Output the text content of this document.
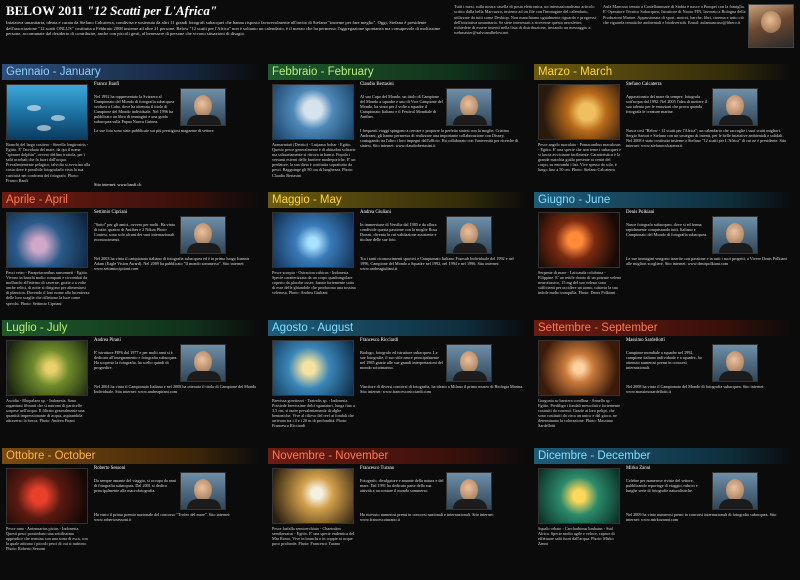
BELOW 2011 "12 Scatti per L'Africa"

Iniziativa umanitaria, ideata e curata da Stefano Calcaterra, condivisa e sostenuta da altri 11 grandi fotografi subacquei che hanno risposto favorevolmente all'invito di Stefano "insieme per fare meglio". Oggi, Stefano è presidente dell'associazione "12 scatti ONLUS" costituita a Febbraio 2008 insieme ad altre 21 persone. Below "12 scatti per l'Africa" non è soltanto un calendario, è il mezzo che ha permesso l'aggregazione spontanea ma consapevole di moltissime persone, accomunate dal desiderio di contribuire, anche con piccoli gesti, al benessere di persone che vivono situazioni di disagio.

Tutti i mesi, sulla nostra casella di posta elettronica, un internazionalismo articolo scritto dalla bella Marcuzzo, insieme ad un file con l'immagine del calendario, utilizzate da tutti come Desktop. Non manchiamo ugualmente riguardo e progressi dell'iniziativa umanitaria. Se siete interessati a riceverne questa newsletter, richiedete di essere inseriti nella lista di distribuzione, inviando un messaggio a: webmaster@salvoandbelow.net

Aula Mancuso tenuto a Castellammare di Stabia è nasce a Pompei con la famiglia. E' Operatore Tecnico Subacqueo, Istruttore di Nuoto FIN, lavorato a Bologna della Produzioni Marine. Appassionata di sport, motori, barche, libri, cinema e tutto ciò che riguarda tematiche ambientali e biodiversità. Email: aulamancuso@libero.it

Gennaio - January

Branchi del largo costiero - Sterella longirostris - Egitto. E' l'acrobata del mare, da qui il nome "spinner dolphin", ovvero delfino trottola, per i salti acrobati che fa fuori dall'acqua. Prevalentemente pelagico, talvolta si avvicina alla costa dove è possibile fotografarlo vista la sua curiosità nei confronti del fotografo. Photo: Franco Banfi

Franco Banfi

Nel 1992 ha rappresentato la Svizzera al Campionato del Mondo di fotografia subacquea svoltosi a Cuba, dove ha ottenuto il titolo di Campione del Mondo individuale. Nel 1996 ha pubblicato un libro di immagini e una guida subacquea sulla Papua Nuova Guinea.

Le sue foto sono state pubblicate sui più prestigiosi magazine di settore.

Sito internet: www.banfi.ch
Febbraio - February

Aranarmiati (Detrito) - Lutjanus bohar - Egitto. Questo pesce generalmente è di abitudini solitarie ma saltuariamente si ritrova in banco. Popola i versanti esterni delle barriere madreporiche. E' un predatore, la sua dieta è costituita soprattutto da pesci. Ragguinge gli 80 cm di lunghezza. Photo: Claudio Bertasini

Claudio Bertasini

Al suo Capo del Mondo, un titolo di Campione del Mondo a squadre e uno di Vice Campione del Mondo, ha vinto per 2 volte a squadre il Campionato Italiano e il Festival Mondiale di Antibes.

I frequenti viaggi spingono a cercare e proporre la perfetta sintesi con la moglie, Cristina Andreani, gli hanno permesso di realizzare una importante collaborazione con Disney, coniugando tra l'altro i loro impegni dall'ufficio. Ha collaborato con l'università per ricerche di sintesi. Sito internet: www.claudiobertasini.it

Marzo - March

Pesce angelo maculato - Pomacanthus maculosus - Egitto. E' una specie che non teme i subacquei e si lascia avvicinare facilmente. Caratteristica è la grande macchia gialla presente ai centri del corpo, su entrambi i lati. Vive spesso da solo, è lungo fino a 50 cm. Photo: Stefano Calcaterra

Stefano Calcaterra

Appassionato del mare da sempre, fotografa sott'acqua dal 1992. Nel 2005 l'idea di mettere il suo talento per le emozioni che prova quando fotografa le creature marine.

Nasce così "Below - 12 scatti per l'Africa"; un calendario che raccoglie i suoi scatti migliori. Sergio Sartori e Stefano con un sostegno di intenti, per le belle iniziative ambientali e solidali. Nel 2008 è stato costituito insieme a Stefano "12 scatti per L'Africa" di cui ne è presidente. Sito internet: www.stefanocalcaterra.it

Aprile - April

Pesci vetro - Parapriacanthus ransonneti - Egitto. Vivono in banchi molto compatti e circondati da molluschi all'interno di caverne, grotte o a volte anche relitti, di notte si dirigono per alimentarsi di plancton. Dovendo il loro nome alla lucentezza delle loro scaglie che riflettono la luce come specchi. Photo: Settimio Cipriani

Settimio Cipriani

"Sotto" per gli amici, ovvero per molti. Ha vinto di tutto: quattro di Antibes e 2 Nikon Photo Contest, sono solo alcuni dei suoi internazionali riconoscimenti.

Nel 2003 ha vinto il campionato italiano di fotografia subacquea ed è in primo luogo Ioannis Adam (Eagle Vision Award). Nel 2009 ha pubblicato "Il mondo sommerso". Sito internet: www.settimiocipriani.com

Maggio - May

Pesce scorpio - Ostracion cubicus - Indonesia. Specie caratterizzata da un corpo quadrangolare coperto da placche ossee, hanno fortemente sotto di esse delle ghiandole che producono una tossina velenosa. Photo: Andrea Giuliani

Andrea Giuliani

In immersione di Versilia dal 1985 e da allora condivide questa passione con la moglie Rosa Donati, diventa la cui validazione assistente e titolare delle sue foto.

Tra i tanti riconoscimenti sportivi e Campionato Italiano Fotosub Individuale del 1992 e nel 1996, Campione del Mondo a Squadre nel 1992, nel 1994 e nel 1996. Sito internet: www.andreagiuliani.it

Giugno - June

Serpente di mare - Laticauda colubrina - Filippine. E' un rettile dotato di un potente veleno neurotossico, 15 mg del suo veleno sono sufficienti per uccidere un uomo, tuttavia la sua indole molto tranquilla. Photo: Denis Polkiani

Denis Polkiani

Nasce fotografo subacqueo, dove si ed ferma rapidamente conquistando tutti. Italiano e Campionato del Mondo di fotografia subacquea.

Le sue immagini vengono inserite con passione e in tutti i suoi progetti, a Vivere Denis Polkiani alle migliori scogliere. Sito internet: www.denispolkiani.com

Luglio - July

Ascidia - Rhopalaea sp. - Indonesia. Sono organismi filtranti che si nutrono di particelle sospese nell'acqua. Il filtrato generalmente una quantità impressionante di acqua, aspirandola attraverso la bocca. Photo: Andrea Pirani

Andrea Pirani

E' istruttore FIPS dal 1977 e per molti anni si è dedicato all'insegnamento e fotografia subacquea. Ha scoperto la fotografia, ha scelto quindi di progredire.

Nel 2004 ha vinto il Campionato Italiano e nel 2008 ha ottenuto il titolo di Campione del Mondo Individuale. Sito internet: www.andreapirani.com

Agosto - August

Brevissa gorettezzi - Teatralis sp. - Indonesia. Possiede brevissime dolci sgamaturi, lunga fino a 3,5 cm, si nutre prevalentemente di alghe bentoniche. Vive al rilievo del reef ai fondali che arrivano tra i 4 e i 20 m di profondità. Photo: Francesco Ricciardi

Francesco Ricciardi

Biologo, fotografo ed istruttore subacqueo. Le sue fotografie, il suo stile nasce principalmente nel 1985 grazie alle sue grandi interpretazioni del mondo sottomarino.

Vincitore di diversi concorsi di fotografia, ha ideato a Milano il primo museo di Biologia Marina. Sito internet: www.francescoricciardi.com

Settembre - September

Gorgonia su barriera corallina - Annella sp - Egitto. Prediligo i fondali mescolati e fortemente costruiti da correnti. Grazie ai loro polipi, che sono costituiti da circa un unico e dal gioco, ne determinano la colorazione. Photo: Massimo Sardellotti

Massimo Sardellotti

Campione mondiale a squadre nel 1992, campione italiano individuale e a squadre, ha ottenuto numerosi premi in concorsi internazionali.

Nel 2008 ha vinto il Campionato del Mondo di fotografia subacquea. Sito internet: www.massimosardellotti.it

Ottobre - October

Pesce rana - Antennarius pictus - Indonesia. Questi pesci possiedono una sottilissima appendice che termina con una sorta di esca, con la quale attirano i piccoli pesci di cui si nutrono. Photo: Roberto Sessoni

Roberto Sessoni

Da sempre amante del viaggio, si occupa da anni di fotografia subacquea. Dal 2001 si dedica principalmente alla macrofotografia.

Ha vinto il primo premio nazionale del concorso "Trofeo del mare". Sito internet: www.robertosessoni.it

Novembre - November

Pesce farfalla semicerchiato - Chaetodon semilarvatus - Egitto. E' una specie endemica del Mar Rosso. Vive in branchi o in coppie ai acque poco profonde. Photo: Francesco Turano

Francesco Turano

Fotografo, divulgatore e amante della natura e del mare. Dal 1991 ha dedicato parte della sua attività a raccontare il mondo sommerso.

Ha ricevuto numerosi premi in concorsi nazionali e internazionali. Sito internet: www.francescoturano.it

Dicembre - December

Squalo orbato - Carcharhinus limbatus - Sud Africa. Specie molto agile e veloce, capace di effettuare salti fuori dall'acqua. Photo: Mirko Zanni

Mirko Zanni

Celebre per numerose riviste del settore, pubblicando reportage di viaggio, rubrici e lunghe serie di fotografie naturalistiche.

Nel 2009 ha vinto numerosi premi in concorsi internazionali di fotografia subacquea. Sito internet: www.mirkozanni.com
